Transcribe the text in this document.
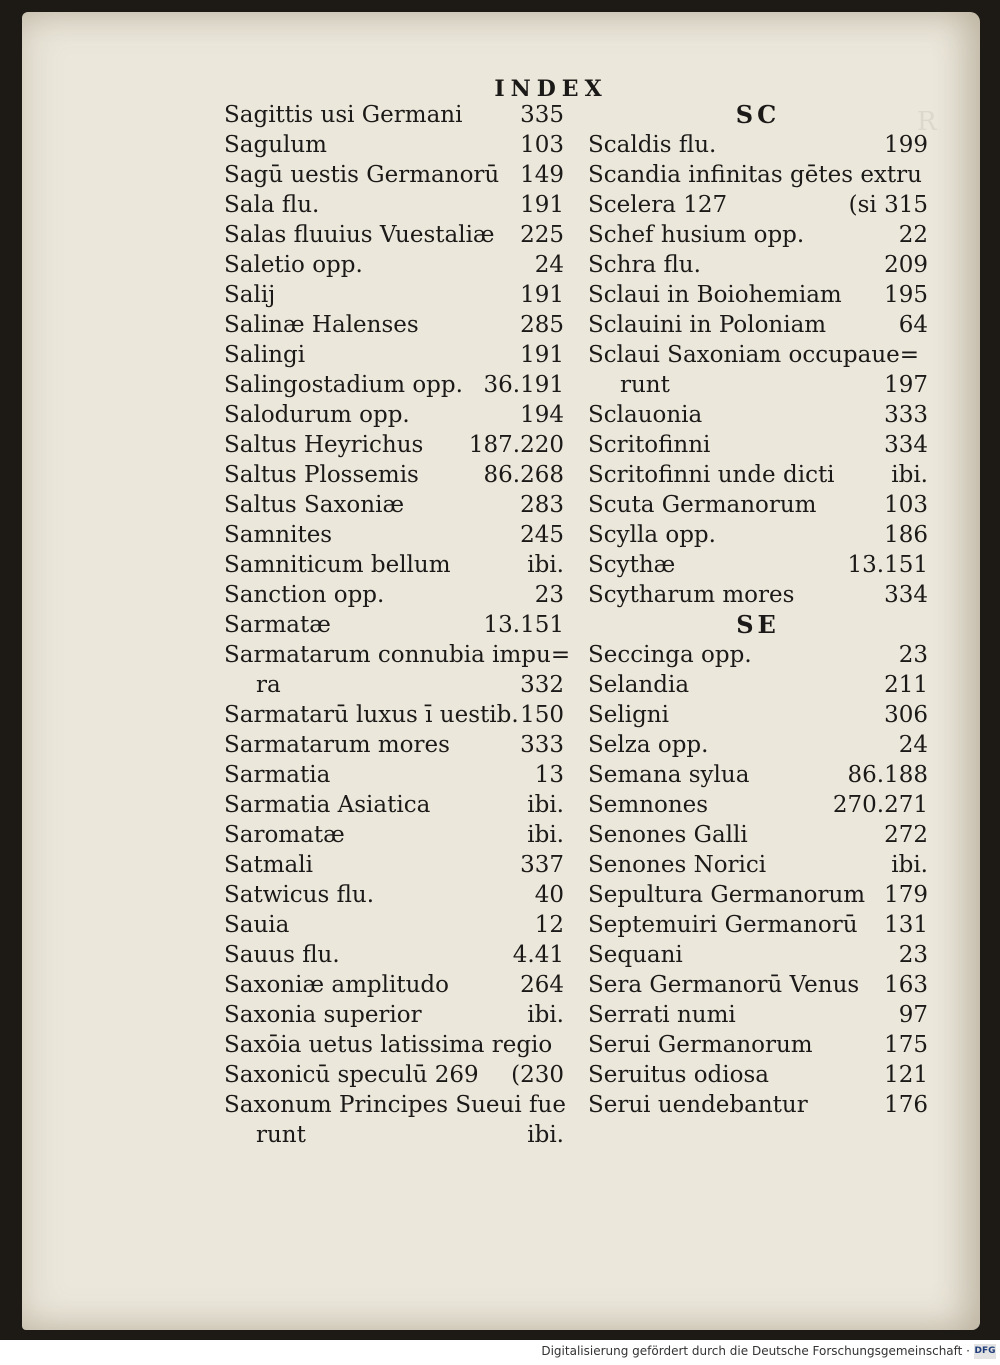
R
INDEX
Sagittis usi Germani	335
Sagulum	103
Sagū uestis Germanorū 149
Sala flu.	191
Salas fluuius Vuestaliæ 225
Saletio opp.	24
Salij	191
Salinæ Halenses	285
Salingi	191
Salingostadium opp. 36.191
Salodurum opp.	194
Saltus Heyrichus 187.220
Saltus Plossemis	86.268
Saltus Saxoniæ	283
Samnites	245
Samniticum bellum	ibi.
Sanction opp.	23
Sarmatæ	13.151
Sarmatarum connubia impu=
ra	332
Sarmatarū luxus ī uestib. 150
Sarmatarum mores	333
Sarmatia	13
Sarmatia Asiatica	ibi.
Saromatæ	ibi.
Satmali	337
Satwicus flu.	40
Sauia	12
Sauus flu.	4.41
Saxoniæ amplitudo	264
Saxonia superior	ibi.
Saxōia uetus latissima regio
Saxonicū speculū 269 (230
Saxonum Principes Sueui fue
runt	ibi.
SC
Scaldis flu.	199
Scandia infinitas gētes extru
Scelera 127	(si 315
Schef husium opp.	22
Schra flu.	209
Sclaui in Boiohemiam 195
Sclauini in Poloniam	64
Sclaui Saxoniam occupaue=
runt	197
Sclauonia	333
Scritofinni	334
Scritofinni unde dicti ibi.
Scuta Germanorum	103
Scylla opp.	186
Scythæ	13.151
Scytharum mores	334
SE
Seccinga opp.	23
Selandia	211
Seligni	306
Selza opp.	24
Semana sylua	86.188
Semnones	270.271
Senones Galli	272
Senones Norici	ibi.
Sepultura Germanorum 179
Septemuiri Germanorū 131
Sequani	23
Sera Germanorū Venus 163
Serrati numi	97
Serui Germanorum	175
Seruitus odiosa	121
Serui uendebantur	176
Digitalisierung gefördert durch die Deutsche Forschungsgemeinschaft · DFG
